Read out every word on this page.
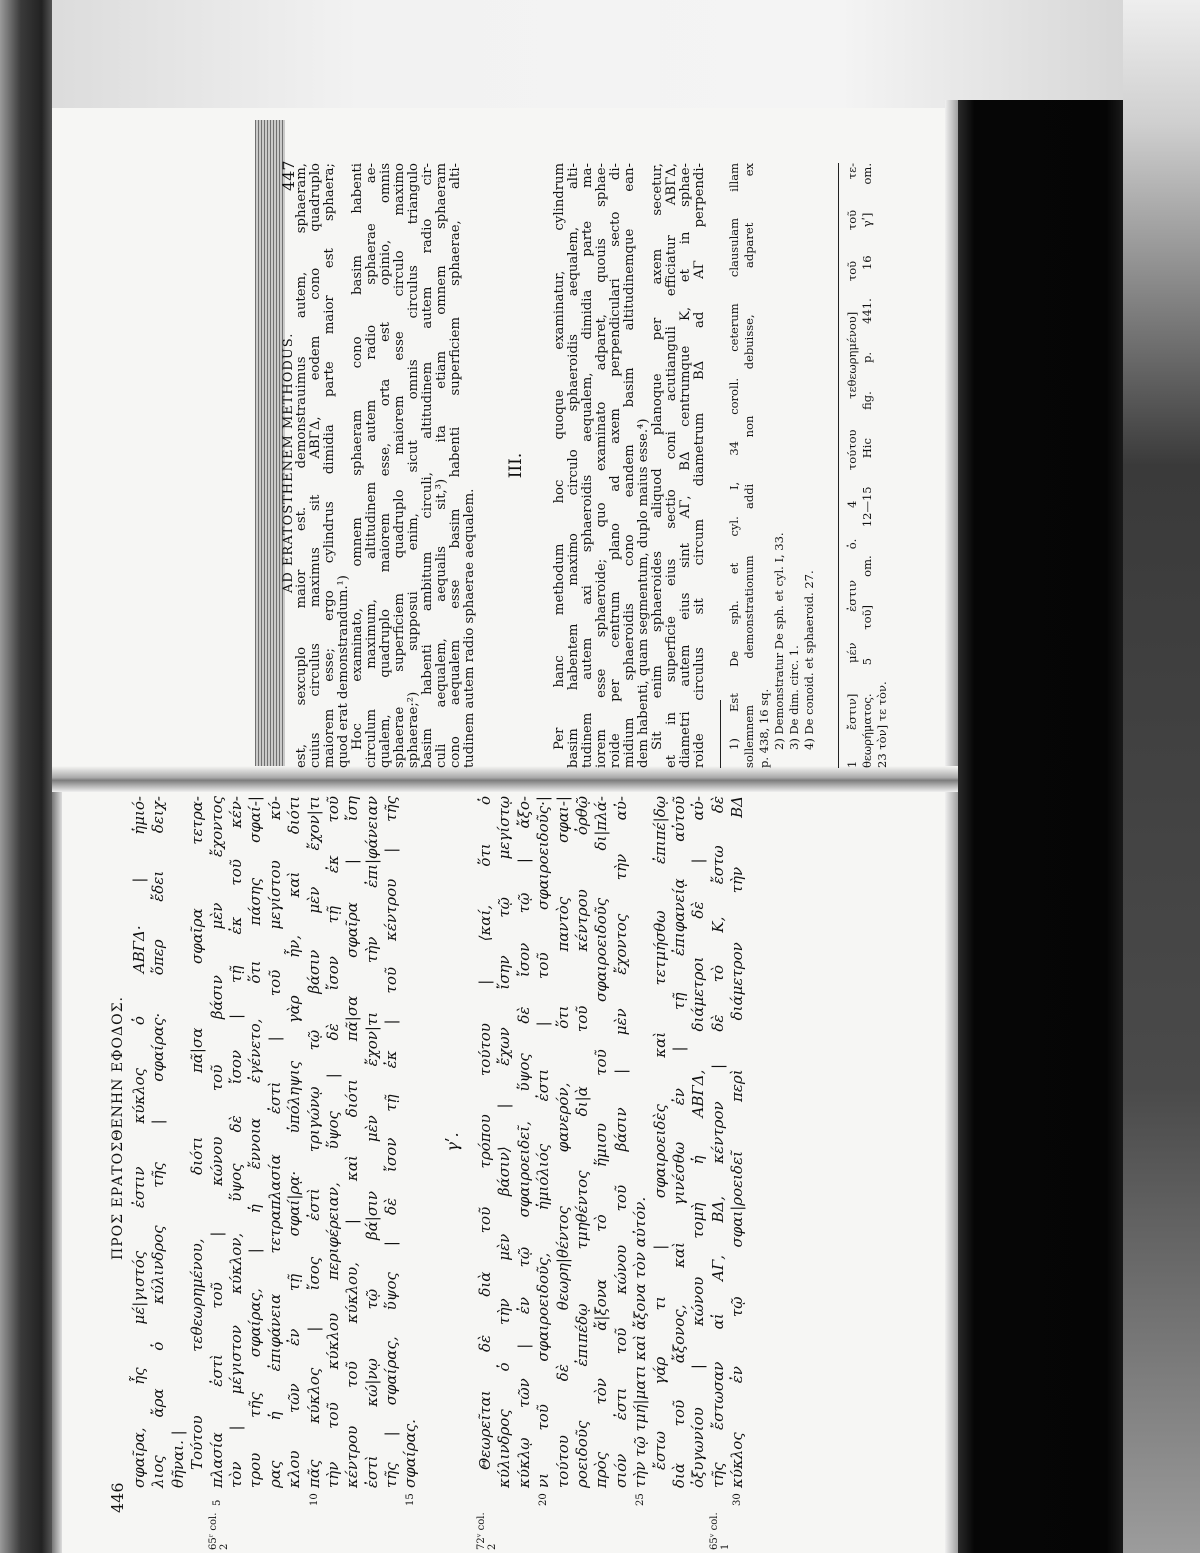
446
ΠΡΟΣ ΕΡΑΤΟΣΘΕΝΗΝ ΕΦΟΔΟΣ. σφαῖρα, ἧς μέ|γιστός ἐστιν κύκλος ὁ ΑΒΓΔ· | ἡμιό- λιος ἄρα ὁ κύλινδρος τῆς | σφαίρας· ὅπερ ἔδει δειχ- θῆναι. | Τούτου τεθεωρημένου, διότι πᾶ|σα σφαῖρα τετρα- πλασία ἐστὶ τοῦ | κώνου τοῦ βάσιν μὲν ἔχοντος
5
65ʳ col. 2
τὸν | μέγιστον κύκλον, ὕψος δὲ ἴσον | τῇ ἐκ τοῦ κέν- τρου τῆς σφαίρας, | ἡ ἔννοια ἐγένετο, ὅτι πάσης σφαί-| ρας ἡ ἐπιφάνεια τετραπλασία ἐστὶ | τοῦ μεγίστου κύ- κλου τῶν ἐν τῇ σφαί|ρᾳ· ὑπόληψις γὰρ ἦν, καὶ διότι πᾶς κύκλος | ἴσος ἐστὶ τριγώνῳ τῷ βάσιν μὲν ἔχον|τι
10
τὴν τοῦ κύκλου περιφέρειαν, ὕψος | δὲ ἴσον τῇ ἐκ τοῦ κέντρου τοῦ κύκλου, | καὶ διότι πᾶ|σα σφαῖρα | ἴση ἐστὶ κώ|νῳ τῷ βά|σιν μὲν ἔχον|τι τὴν ἐπι|φάνειαν τῆς | σφαίρας, ὕψος | δὲ ἴσον τῇ ἐκ | τοῦ κέντρου | τῆς σφαίρας.
15
γʹ. Θεωρεῖται δὲ διὰ τοῦ τρόπου τούτου | ⟨καί, ὅτι ὁ
72ᵛ col. 2
κύλινδρος ὁ τὴν μὲν βάσιν⟩ | ἔχων ἴσην τῷ μεγίστῳ κύκλῳ τῶν | ἐν τῷ σφαιροειδεῖ, ὕψος δὲ ἴσον τῷ | ἄξο- νι τοῦ σφαιροειδοῦς, ἡμιόλιός ἐστι | τοῦ σφαιροειδοῦς·|
20
τούτου δὲ θεωρη|θέντος φανερόν, ὅτι παντὸς σφαι-| ροειδοῦς ἐπιπέδῳ τμηθέντος δι|ὰ τοῦ κέντρου ὀρθῷ πρὸς τὸν ἄ|ξονα τὸ ἥμισυ τοῦ σφαιροειδοῦς δι|πλά- σιόν ἐστι τοῦ κώνου τοῦ βάσιν | μὲν ἔχοντος τὴν αὐ- τὴν τῷ τμή|ματι καὶ ἄξονα τὸν αὐτόν.
25
ἔστω γάρ τι | σφαιροειδὲς καὶ τετμήσθω ἐπιπέ|δῳ διὰ τοῦ ἄξονος, καὶ γινέσθω ἐν | τῇ ἐπιφανείᾳ αὐτοῦ ὀξυγωνίου | κώνου τομὴ ἡ ΑΒΓΔ, διάμετροι δὲ | αὐ- τῆς ἔστωσαν αἱ ΑΓ, ΒΔ, κέντρον | δὲ τὸ Κ, ἔστω δὲ
65ᵛ col. 1
κύκλος ἐν τῷ σφαι|ροειδεῖ περὶ διάμετρον τὴν ΒΔ
30
AD ERATOSTHENEM METHODUS.
447
est, sexcuplo maior est. demonstrauimus autem, sphaeram, cuius circulus maximus sit ΑΒΓΔ, eodem cono quadruplo maiorem esse; ergo cylindrus dimidia parte maior est sphaera; quod erat demonstrandum.¹) Hoc examinato, omnem sphaeram cono basim habenti circulum maximum, altitudinem autem radio sphaerae ae- qualem, quadruplo maiorem esse, orta est opinio, omnis sphaerae superficiem quadruplo maiorem esse circulo maximo sphaerae;²) supposui enim, sicut omnis circulus triangulo basim habenti ambitum circuli, altitudinem autem radio cir- culi aequalem, aequalis sit,³) ita etiam omnem sphaeram cono aequalem esse basim habenti superficiem sphaerae, alti- tudinem autem radio sphaerae aequalem.
III. Per hanc methodum hoc quoque examinatur, cylindrum basim habentem maximo circulo sphaeroidis aequalem, alti- tudinem autem axi sphaeroidis aequalem, dimidia parte ma- iorem esse sphaeroide; quo examinato adparet, quouis sphae- roide per centrum plano ad axem perpendiculari secto di- midium sphaeroidis cono eandem basim altitudinemque ean- dem habenti, quam segmentum, duplo maius esse.⁴) Sit enim sphaeroides aliquod planoque per axem secetur, et in superficie eius sectio coni acutianguli efficiatur ΑΒΓΔ, diametri autem eius sint ΑΓ, ΒΔ centrumque Κ, et in sphae- roide circulus sit circum diametrum ΒΔ ad ΑΓ perpendi- 1) Est De sph. et cyl. I, 34 coroll. ceterum clausulam illam sollemnem demonstrationum addi non debuisse, adparet ex p. 438, 16 sq. 2) Demonstratur De sph. et cyl. I, 33. 3) De dim. circ. 1. 4) De conoid. et sphaeroid. 27.	1 ἔστιν] μέν ἐστιν ὁ. 4 τούτου τεθεωρημένου] τοῦ τοῦ τε- θεωρήματος. 5 τοῦ] om. 12—15 Hic fig. p. 441. 16 γʹ] om. 23 τὸν] τε τὸν.
